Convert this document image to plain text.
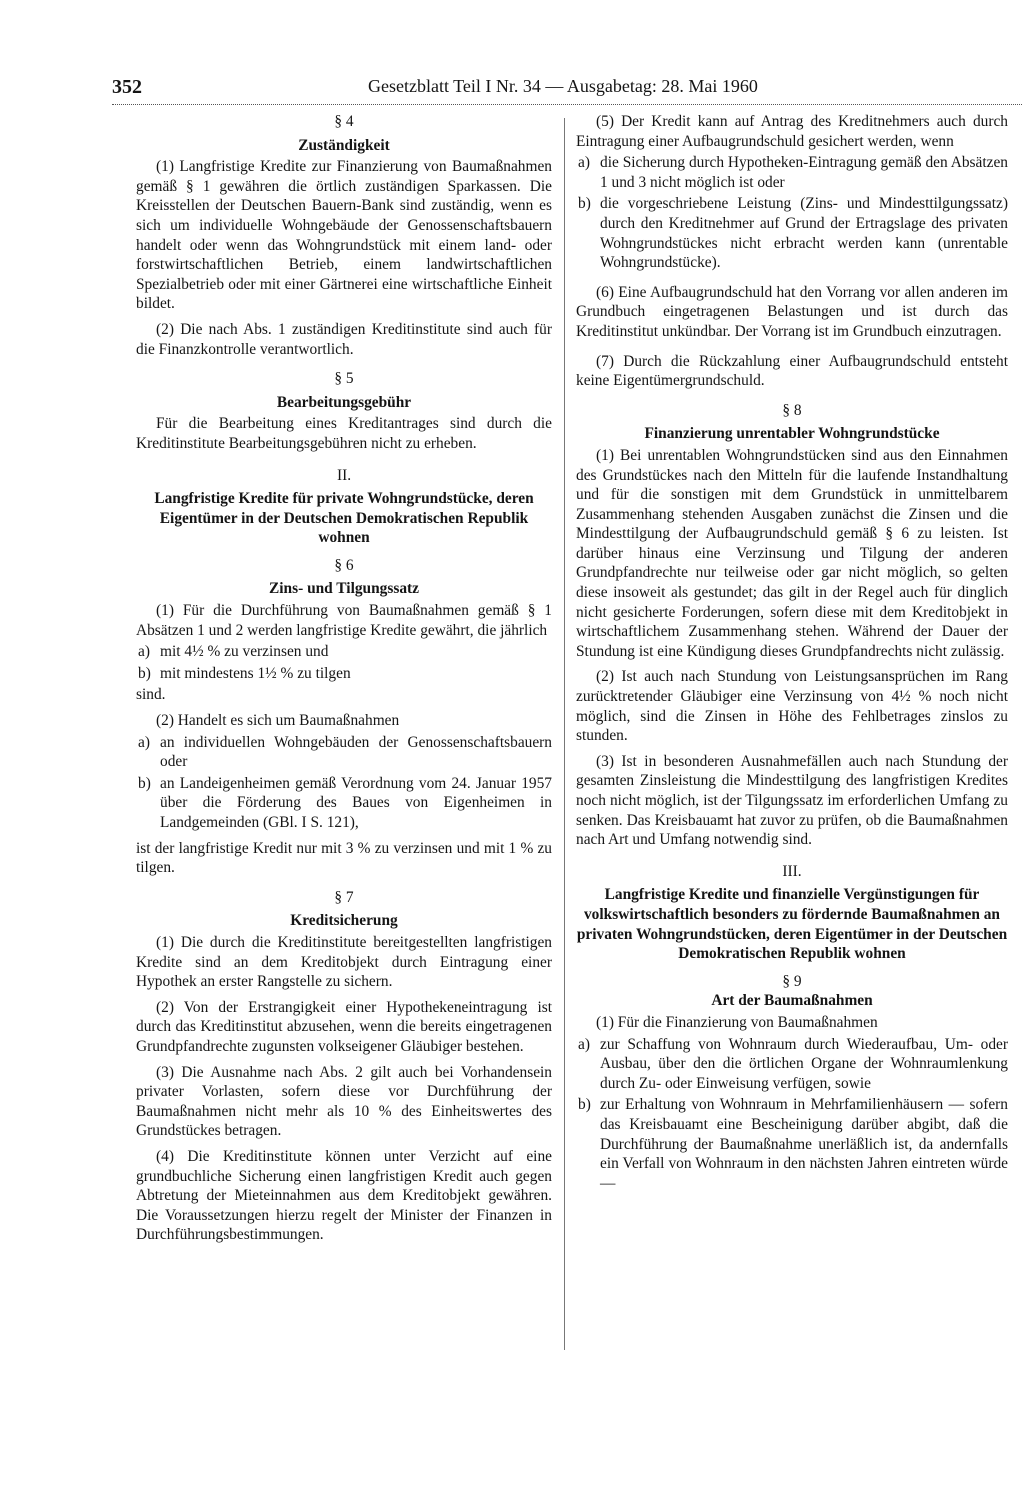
352	Gesetzblatt Teil I Nr. 34 — Ausgabetag: 28. Mai 1960

§ 4

Zuständigkeit

(1) Langfristige Kredite zur Finanzierung von Baumaßnahmen gemäß § 1 gewähren die örtlich zuständigen Sparkassen. Die Kreisstellen der Deutschen Bauern-Bank sind zuständig, wenn es sich um individuelle Wohngebäude der Genossenschaftsbauern handelt oder wenn das Wohngrundstück mit einem land- oder forstwirtschaftlichen Betrieb, einem landwirtschaftlichen Spezialbetrieb oder mit einer Gärtnerei eine wirtschaftliche Einheit bildet.

(2) Die nach Abs. 1 zuständigen Kreditinstitute sind auch für die Finanzkontrolle verantwortlich.

§ 5

Bearbeitungsgebühr

Für die Bearbeitung eines Kreditantrages sind durch die Kreditinstitute Bearbeitungsgebühren nicht zu erheben.

II.

Langfristige Kredite für private Wohngrundstücke, deren Eigentümer in der Deutschen Demokratischen Republik wohnen

§ 6

Zins- und Tilgungssatz

(1) Für die Durchführung von Baumaßnahmen gemäß § 1 Absätzen 1 und 2 werden langfristige Kredite gewährt, die jährlich

a) mit 4½ % zu verzinsen und

b) mit mindestens 1½ % zu tilgen

sind.

(2) Handelt es sich um Baumaßnahmen

a) an individuellen Wohngebäuden der Genossenschaftsbauern oder

b) an Landeigenheimen gemäß Verordnung vom 24. Januar 1957 über die Förderung des Baues von Eigenheimen in Landgemeinden (GBl. I S. 121),

ist der langfristige Kredit nur mit 3 % zu verzinsen und mit 1 % zu tilgen.

§ 7

Kreditsicherung

(1) Die durch die Kreditinstitute bereitgestellten langfristigen Kredite sind an dem Kreditobjekt durch Eintragung einer Hypothek an erster Rangstelle zu sichern.

(2) Von der Erstrangigkeit einer Hypothekeneintragung ist durch das Kreditinstitut abzusehen, wenn die bereits eingetragenen Grundpfandrechte zugunsten volkseigener Gläubiger bestehen.

(3) Die Ausnahme nach Abs. 2 gilt auch bei Vorhandensein privater Vorlasten, sofern diese vor Durchführung der Baumaßnahmen nicht mehr als 10 % des Einheitswertes des Grundstückes betragen.

(4) Die Kreditinstitute können unter Verzicht auf eine grundbuchliche Sicherung einen langfristigen Kredit auch gegen Abtretung der Mieteinnahmen aus dem Kreditobjekt gewähren. Die Voraussetzungen hierzu regelt der Minister der Finanzen in Durchführungsbestimmungen.

(5) Der Kredit kann auf Antrag des Kreditnehmers auch durch Eintragung einer Aufbaugrundschuld gesichert werden, wenn

a) die Sicherung durch Hypotheken-Eintragung gemäß den Absätzen 1 und 3 nicht möglich ist oder

b) die vorgeschriebene Leistung (Zins- und Mindesttilgungssatz) durch den Kreditnehmer auf Grund der Ertragslage des privaten Wohngrundstückes nicht erbracht werden kann (unrentable Wohngrundstücke).

(6) Eine Aufbaugrundschuld hat den Vorrang vor allen anderen im Grundbuch eingetragenen Belastungen und ist durch das Kreditinstitut unkündbar. Der Vorrang ist im Grundbuch einzutragen.

(7) Durch die Rückzahlung einer Aufbaugrundschuld entsteht keine Eigentümergrundschuld.

§ 8

Finanzierung unrentabler Wohngrundstücke

(1) Bei unrentablen Wohngrundstücken sind aus den Einnahmen des Grundstückes nach den Mitteln für die laufende Instandhaltung und für die sonstigen mit dem Grundstück in unmittelbarem Zusammenhang stehenden Ausgaben zunächst die Zinsen und die Mindesttilgung der Aufbaugrundschuld gemäß § 6 zu leisten. Ist darüber hinaus eine Verzinsung und Tilgung der anderen Grundpfandrechte nur teilweise oder gar nicht möglich, so gelten diese insoweit als gestundet; das gilt in der Regel auch für dinglich nicht gesicherte Forderungen, sofern diese mit dem Kreditobjekt in wirtschaftlichem Zusammenhang stehen. Während der Dauer der Stundung ist eine Kündigung dieses Grundpfandrechts nicht zulässig.

(2) Ist auch nach Stundung von Leistungsansprüchen im Rang zurücktretender Gläubiger eine Verzinsung von 4½ % noch nicht möglich, sind die Zinsen in Höhe des Fehlbetrages zinslos zu stunden.

(3) Ist in besonderen Ausnahmefällen auch nach Stundung der gesamten Zinsleistung die Mindesttilgung des langfristigen Kredites noch nicht möglich, ist der Tilgungssatz im erforderlichen Umfang zu senken. Das Kreisbauamt hat zuvor zu prüfen, ob die Baumaßnahmen nach Art und Umfang notwendig sind.

III.

Langfristige Kredite und finanzielle Vergünstigungen für volkswirtschaftlich besonders zu fördernde Baumaßnahmen an privaten Wohngrundstücken, deren Eigentümer in der Deutschen Demokratischen Republik wohnen

§ 9

Art der Baumaßnahmen

(1) Für die Finanzierung von Baumaßnahmen

a) zur Schaffung von Wohnraum durch Wiederaufbau, Um- oder Ausbau, über den die örtlichen Organe der Wohnraumlenkung durch Zu- oder Einweisung verfügen, sowie

b) zur Erhaltung von Wohnraum in Mehrfamilienhäusern — sofern das Kreisbauamt eine Bescheinigung darüber abgibt, daß die Durchführung der Baumaßnahme unerläßlich ist, da andernfalls ein Verfall von Wohnraum in den nächsten Jahren eintreten würde —
